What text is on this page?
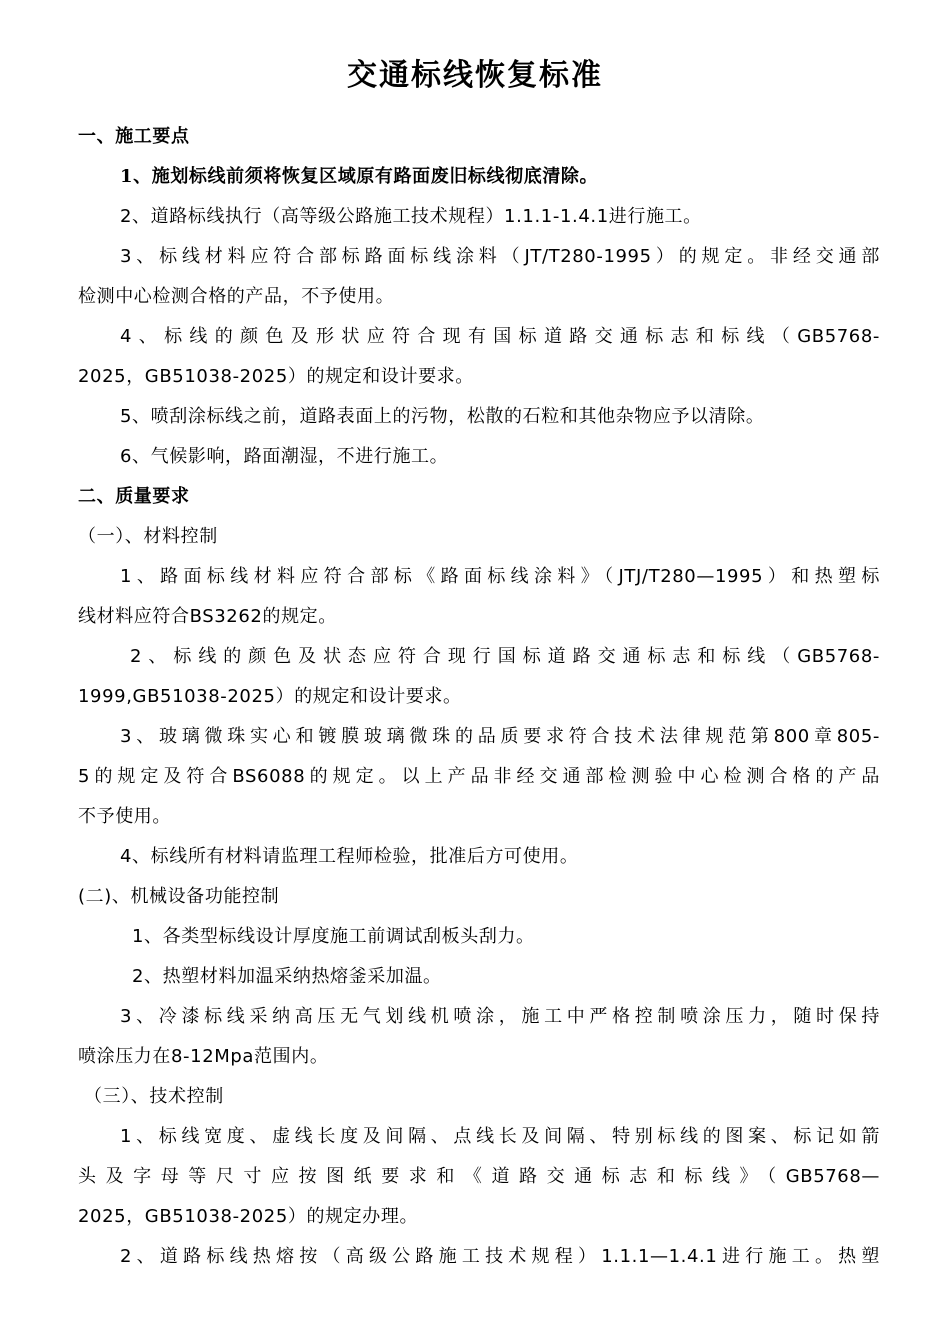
交通标线恢复标准
一、施工要点
1、施划标线前须将恢复区域原有路面废旧标线彻底清除。
2、道路标线执行（高等级公路施工技术规程）1.1.1-1.4.1进行施工。
3、标线材料应符合部标路面标线涂料（JT/T280-1995）的规定。非经交通部
检测中心检测合格的产品，不予使用。
4、标线的颜色及形状应符合现有国标道路交通标志和标线（GB5768-
2025，GB51038-2025）的规定和设计要求。
5、喷刮涂标线之前，道路表面上的污物，松散的石粒和其他杂物应予以清除。
6、气候影响，路面潮湿，不进行施工。
二、质量要求
（一）、材料控制
1、路面标线材料应符合部标《路面标线涂料》（JTJ/T280—1995）和热塑标
线材料应符合BS3262的规定。
2、标线的颜色及状态应符合现行国标道路交通标志和标线（GB5768-
1999,GB51038-2025）的规定和设计要求。
3、玻璃微珠实心和镀膜玻璃微珠的品质要求符合技术法律规范第800章805-
5的规定及符合BS6088的规定。以上产品非经交通部检测验中心检测合格的产品
不予使用。
4、标线所有材料请监理工程师检验，批准后方可使用。
(二)、机械设备功能控制
1、各类型标线设计厚度施工前调试刮板头刮力。
2、热塑材料加温采纳热熔釜采加温。
3、冷漆标线采纳高压无气划线机喷涂，施工中严格控制喷涂压力，随时保持
喷涂压力在8-12Mpa范围内。
（三）、技术控制
1、标线宽度、虚线长度及间隔、点线长及间隔、特别标线的图案、标记如箭
头及字母等尺寸应按图纸要求和《道路交通标志和标线》（GB5768—
2025，GB51038-2025）的规定办理。
2、道路标线热熔按（高级公路施工技术规程）1.1.1—1.4.1进行施工。热塑
